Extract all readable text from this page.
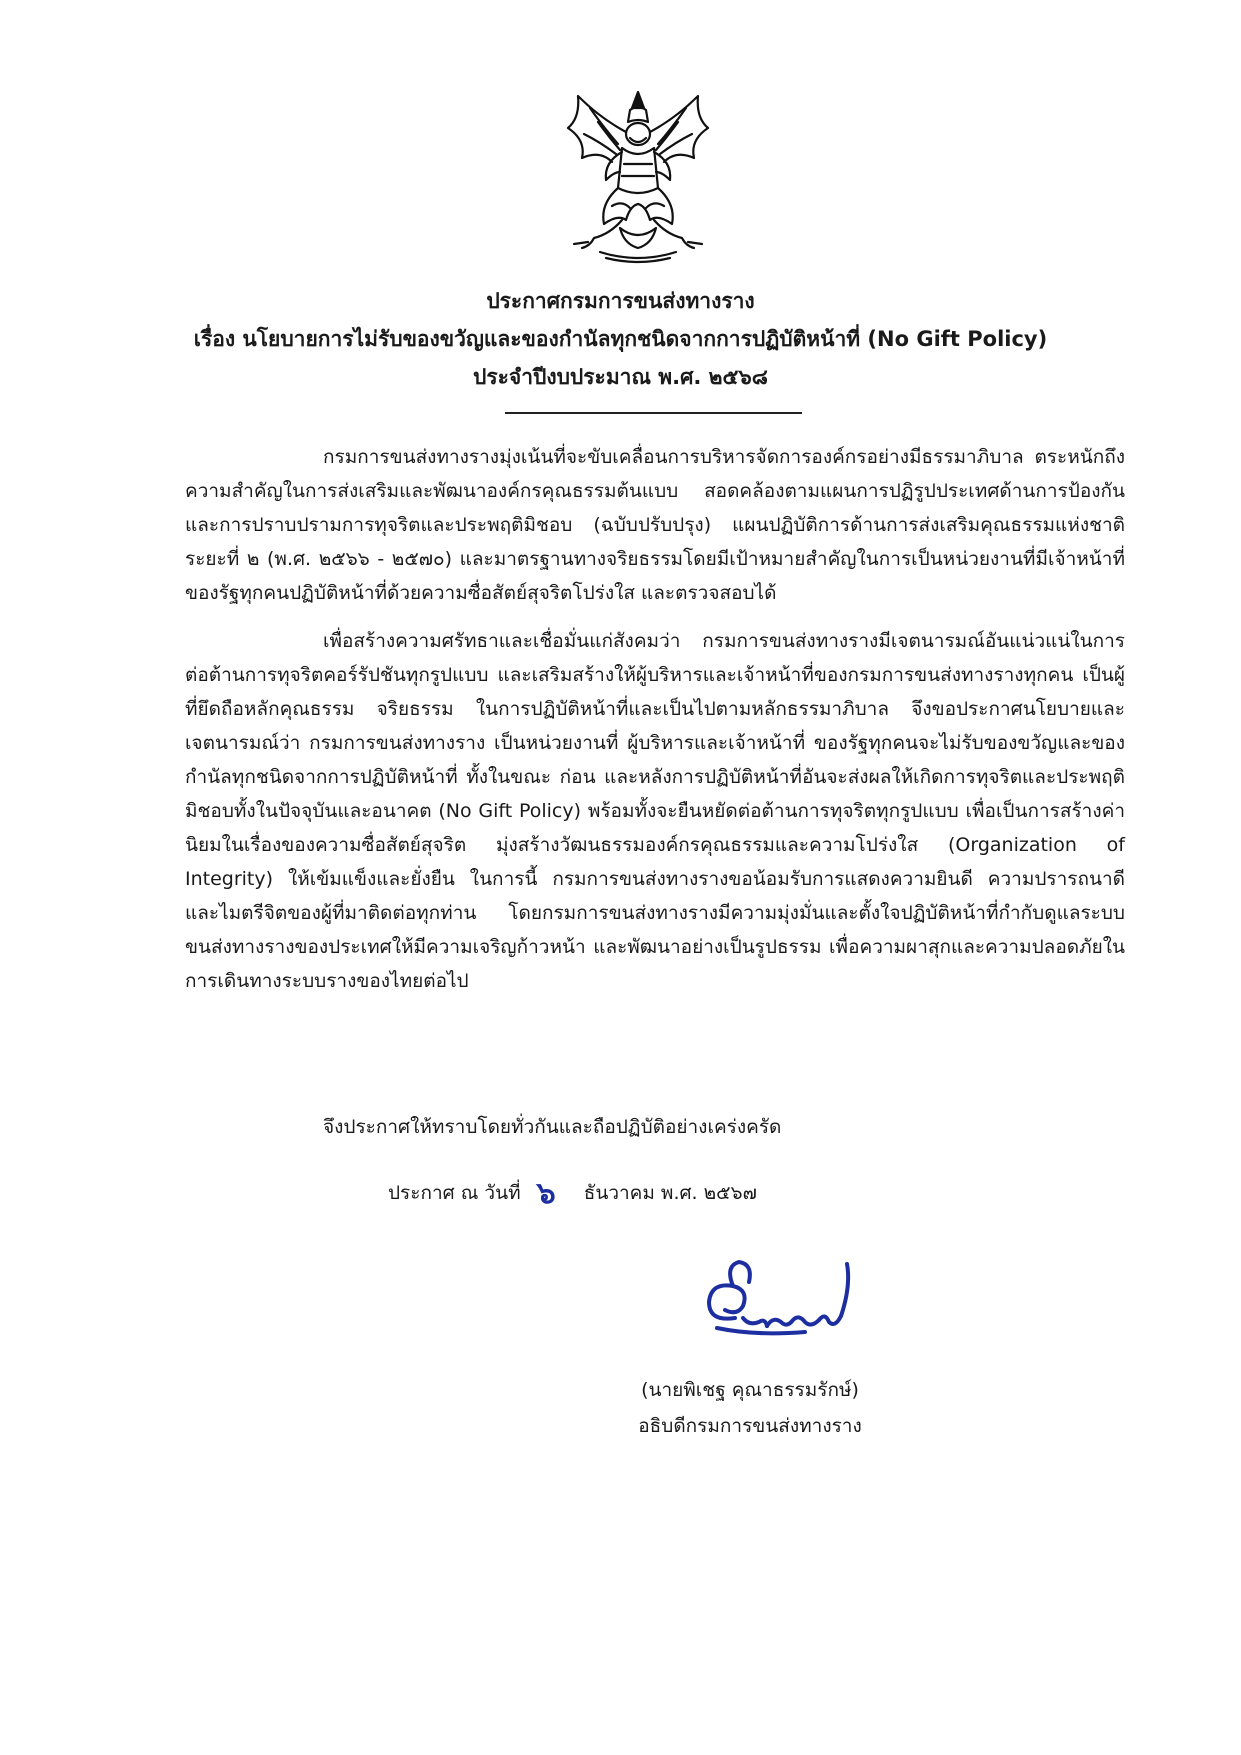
ประกาศกรมการขนส่งทางราง
เรื่อง นโยบายการไม่รับของขวัญและของกำนัลทุกชนิดจากการปฏิบัติหน้าที่ (No Gift Policy)
ประจำปีงบประมาณ พ.ศ. ๒๕๖๘

กรมการขนส่งทางรางมุ่งเน้นที่จะขับเคลื่อนการบริหารจัดการองค์กรอย่างมีธรรมาภิบาล ตระหนักถึงความสำคัญในการส่งเสริมและพัฒนาองค์กรคุณธรรมต้นแบบ สอดคล้องตามแผนการปฏิรูปประเทศด้านการป้องกันและการปราบปรามการทุจริตและประพฤติมิชอบ (ฉบับปรับปรุง) แผนปฏิบัติการด้านการส่งเสริมคุณธรรมแห่งชาติ ระยะที่ ๒ (พ.ศ. ๒๕๖๖ - ๒๕๗๐) และมาตรฐานทางจริยธรรมโดยมีเป้าหมายสำคัญในการเป็นหน่วยงานที่มีเจ้าหน้าที่ของรัฐทุกคนปฏิบัติหน้าที่ด้วยความซื่อสัตย์สุจริตโปร่งใส และตรวจสอบได้

เพื่อสร้างความศรัทธาและเชื่อมั่นแก่สังคมว่า กรมการขนส่งทางรางมีเจตนารมณ์อันแน่วแน่ในการต่อต้านการทุจริตคอร์รัปชันทุกรูปแบบ และเสริมสร้างให้ผู้บริหารและเจ้าหน้าที่ของกรมการขนส่งทางรางทุกคน เป็นผู้ที่ยึดถือหลักคุณธรรม จริยธรรม ในการปฏิบัติหน้าที่และเป็นไปตามหลักธรรมาภิบาล จึงขอประกาศนโยบายและเจตนารมณ์ว่า กรมการขนส่งทางราง เป็นหน่วยงานที่ ผู้บริหารและเจ้าหน้าที่ ของรัฐทุกคนจะไม่รับของขวัญและของกำนัลทุกชนิดจากการปฏิบัติหน้าที่ ทั้งในขณะ ก่อน และหลังการปฏิบัติหน้าที่อันจะส่งผลให้เกิดการทุจริตและประพฤติมิชอบทั้งในปัจจุบันและอนาคต (No Gift Policy) พร้อมทั้งจะยืนหยัดต่อต้านการทุจริตทุกรูปแบบ เพื่อเป็นการสร้างค่านิยมในเรื่องของความซื่อสัตย์สุจริต มุ่งสร้างวัฒนธรรมองค์กรคุณธรรมและความโปร่งใส (Organization of Integrity) ให้เข้มแข็งและยั่งยืน ในการนี้ กรมการขนส่งทางรางขอน้อมรับการแสดงความยินดี ความปรารถนาดี และไมตรีจิตของผู้ที่มาติดต่อทุกท่าน โดยกรมการขนส่งทางรางมีความมุ่งมั่นและตั้งใจปฏิบัติหน้าที่กำกับดูแลระบบขนส่งทางรางของประเทศให้มีความเจริญก้าวหน้า และพัฒนาอย่างเป็นรูปธรรม เพื่อความผาสุกและความปลอดภัยในการเดินทางระบบรางของไทยต่อไป

จึงประกาศให้ทราบโดยทั่วกันและถือปฏิบัติอย่างเคร่งครัด
ประกาศ ณ วันที่ ๖ ธันวาคม พ.ศ. ๒๕๖๗
(นายพิเชฐ คุณาธรรมรักษ์)
อธิบดีกรมการขนส่งทางราง
